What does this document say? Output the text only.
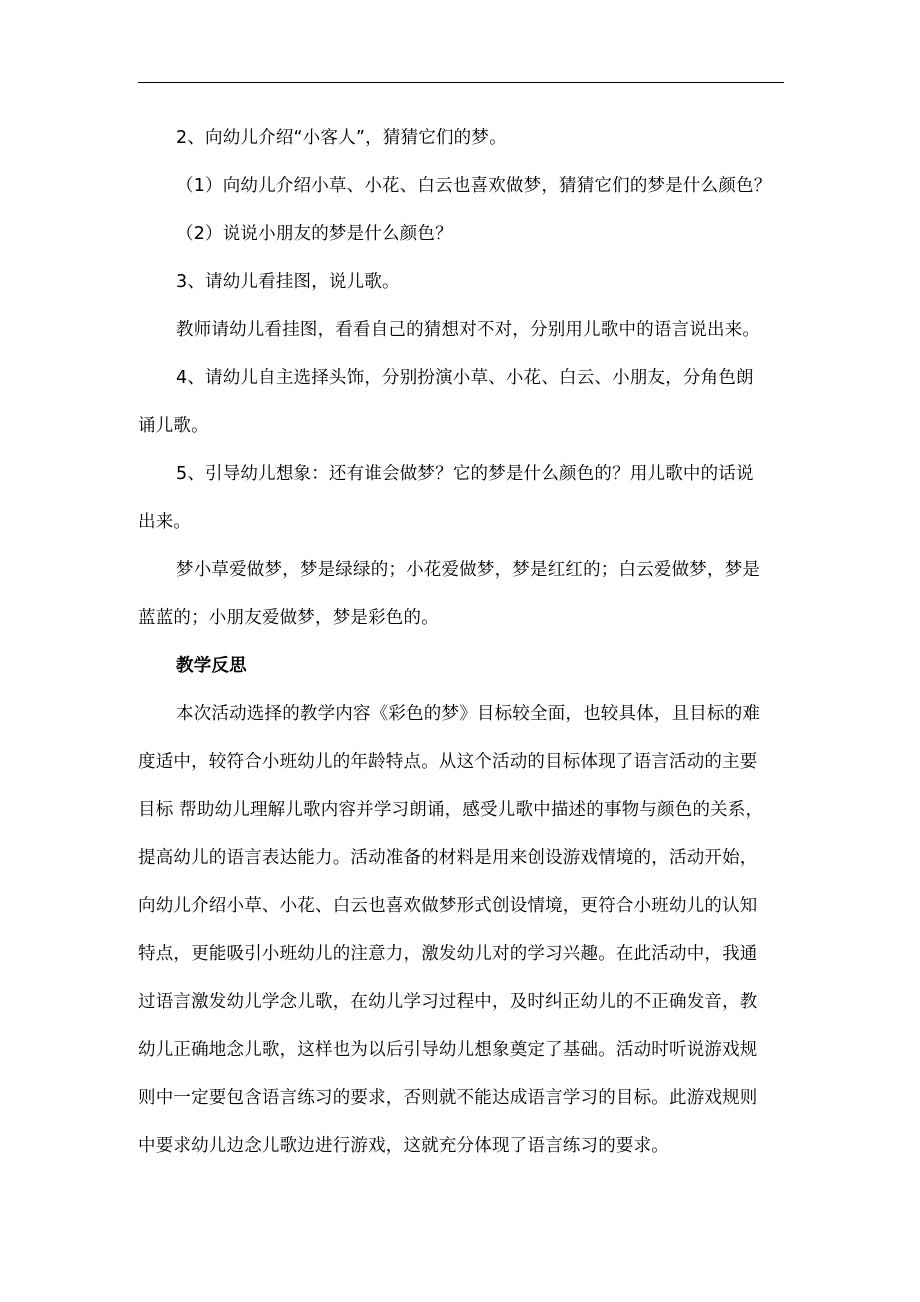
2、向幼儿介绍“小客人”，猜猜它们的梦。
（1）向幼儿介绍小草、小花、白云也喜欢做梦，猜猜它们的梦是什么颜色？
（2）说说小朋友的梦是什么颜色？
3、请幼儿看挂图，说儿歌。
教师请幼儿看挂图，看看自己的猜想对不对，分别用儿歌中的语言说出来。
4、请幼儿自主选择头饰，分别扮演小草、小花、白云、小朋友，分角色朗
诵儿歌。
5、引导幼儿想象：还有谁会做梦？它的梦是什么颜色的？用儿歌中的话说
出来。
梦小草爱做梦，梦是绿绿的；小花爱做梦，梦是红红的；白云爱做梦，梦是
蓝蓝的；小朋友爱做梦，梦是彩色的。
教学反思
本次活动选择的教学内容《彩色的梦》目标较全面，也较具体，且目标的难
度适中，较符合小班幼儿的年龄特点。从这个活动的目标体现了语言活动的主要
目标 帮助幼儿理解儿歌内容并学习朗诵，感受儿歌中描述的事物与颜色的关系，
提高幼儿的语言表达能力。活动准备的材料是用来创设游戏情境的，活动开始，
向幼儿介绍小草、小花、白云也喜欢做梦形式创设情境，更符合小班幼儿的认知
特点，更能吸引小班幼儿的注意力，激发幼儿对的学习兴趣。在此活动中，我通
过语言激发幼儿学念儿歌，在幼儿学习过程中，及时纠正幼儿的不正确发音，教
幼儿正确地念儿歌，这样也为以后引导幼儿想象奠定了基础。活动时听说游戏规
则中一定要包含语言练习的要求，否则就不能达成语言学习的目标。此游戏规则
中要求幼儿边念儿歌边进行游戏，这就充分体现了语言练习的要求。
